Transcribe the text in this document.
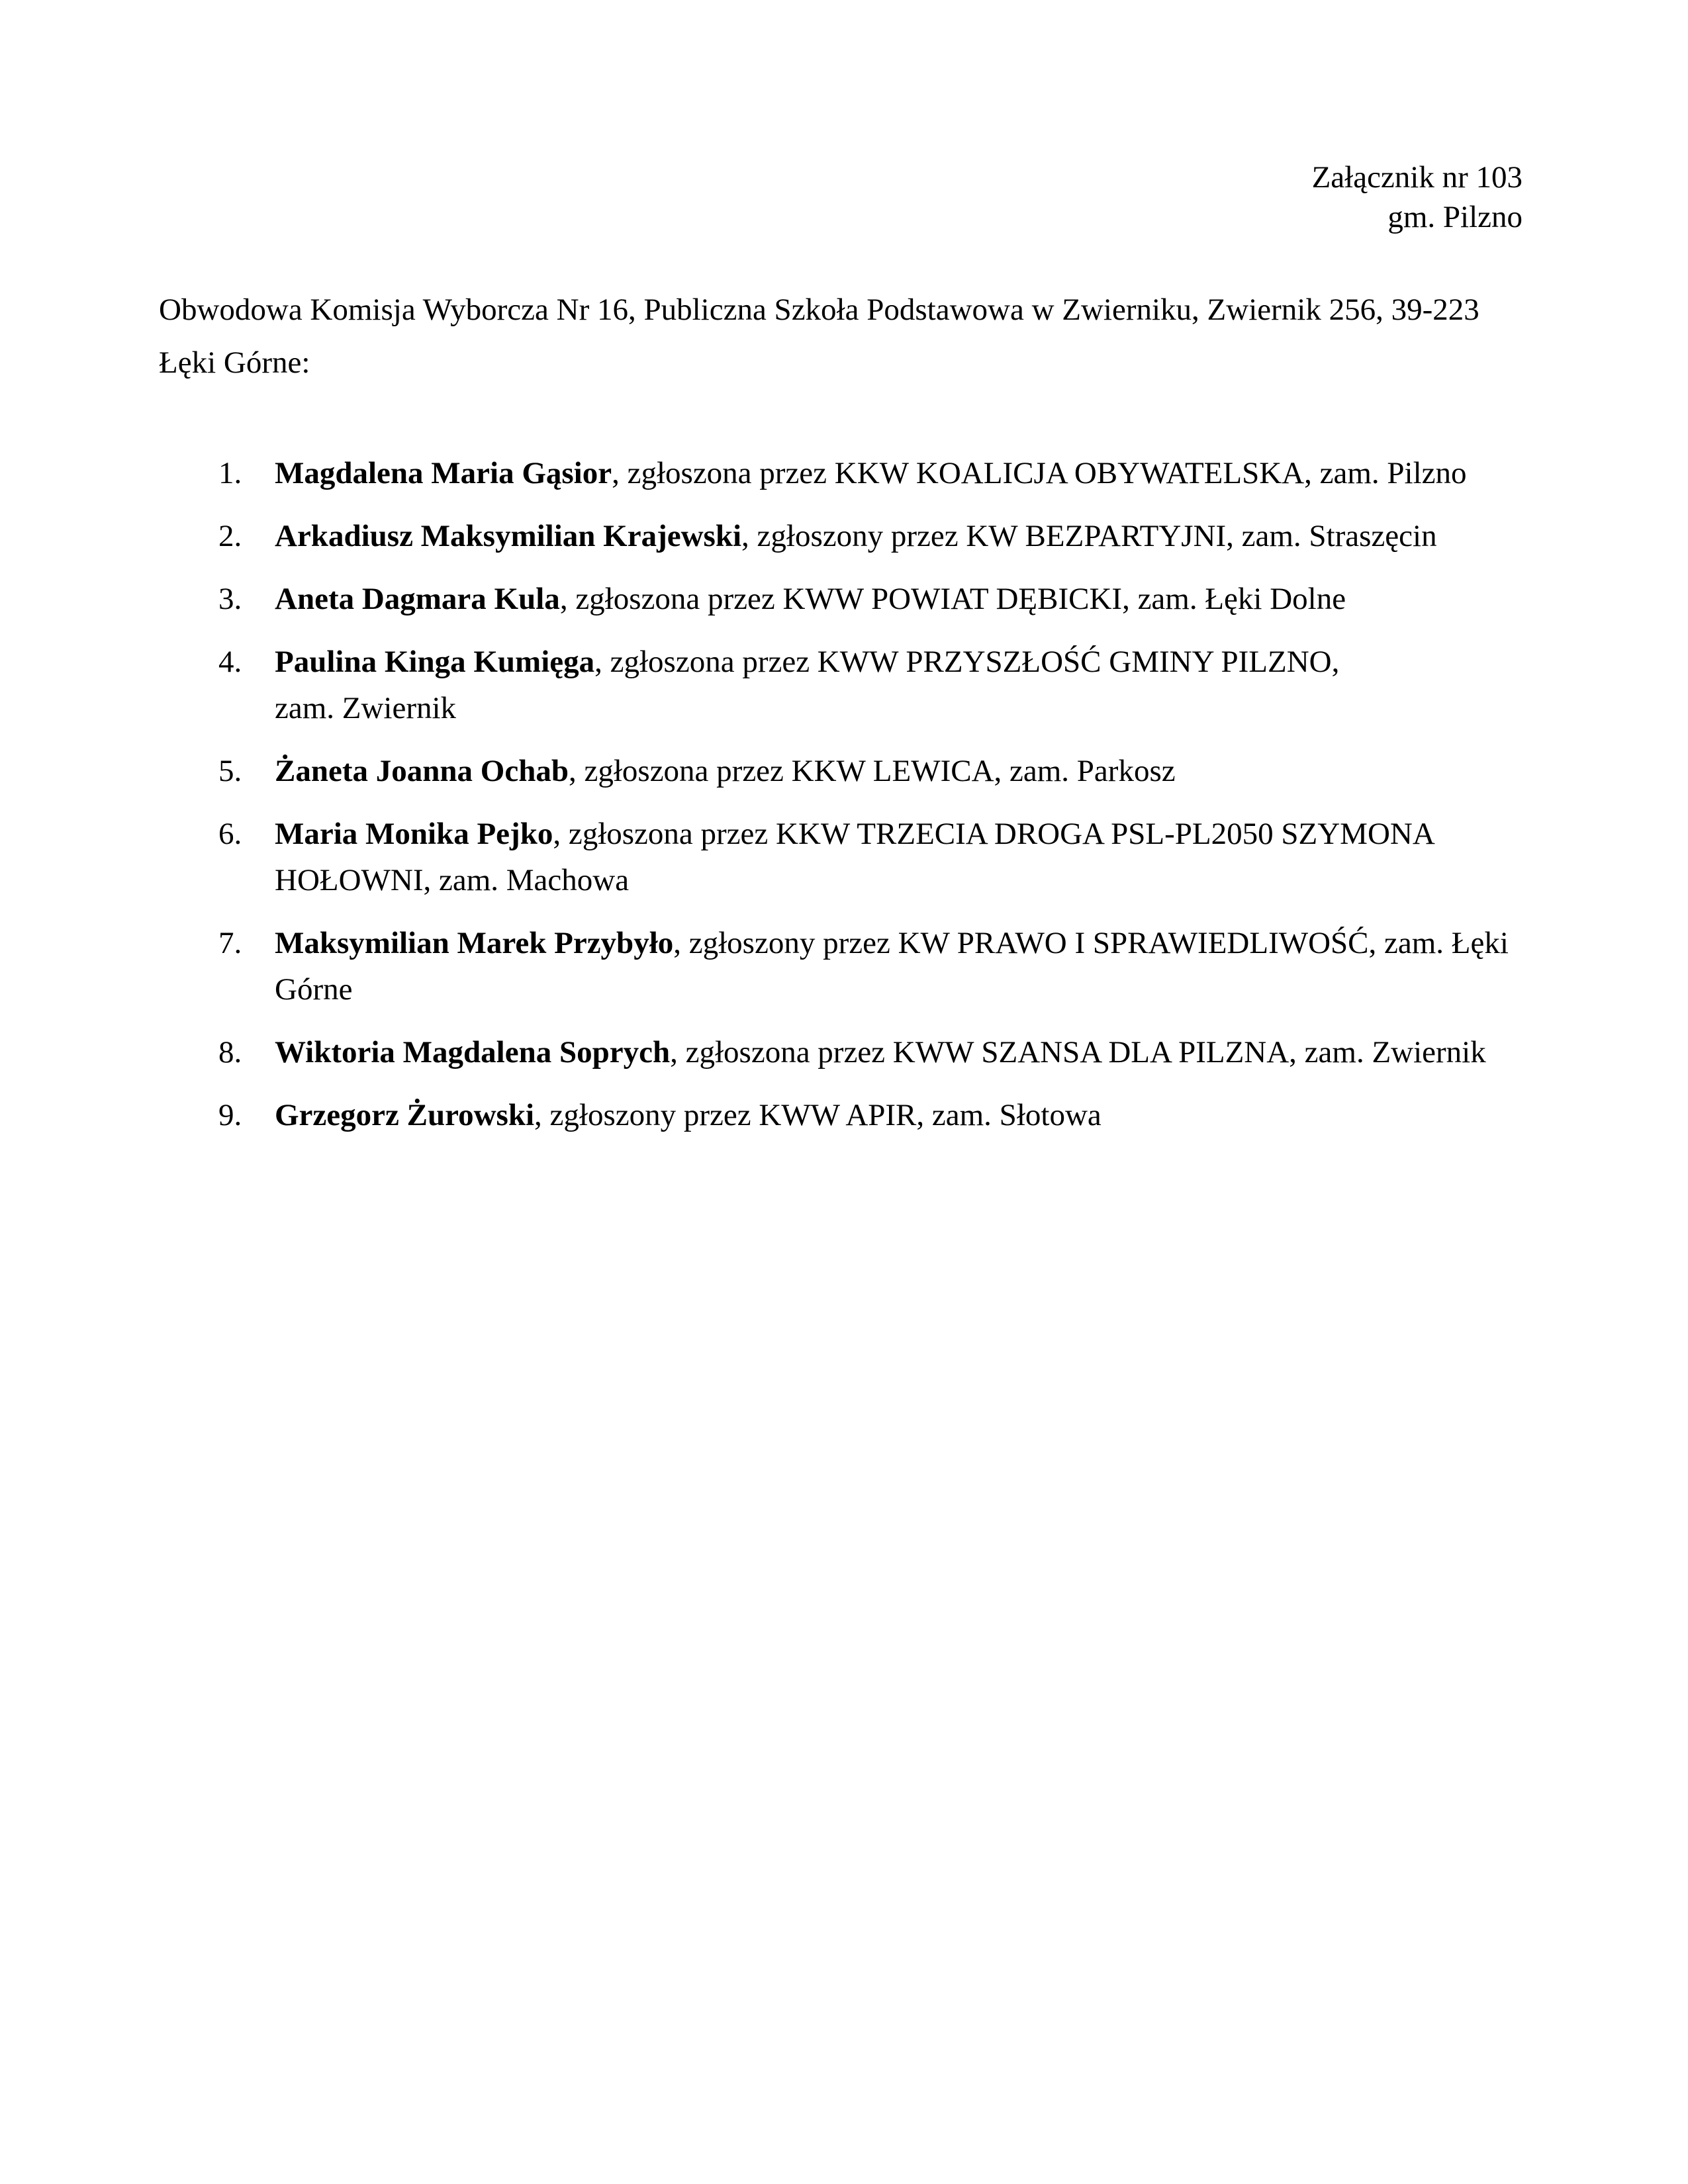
Załącznik nr 103
gm. Pilzno
Obwodowa Komisja Wyborcza Nr 16, Publiczna Szkoła Podstawowa w Zwierniku, Zwiernik 256, 39-223
Łęki Górne:
1.	Magdalena Maria Gąsior, zgłoszona przez KKW KOALICJA OBYWATELSKA, zam. Pilzno
2.	Arkadiusz Maksymilian Krajewski, zgłoszony przez KW BEZPARTYJNI, zam. Straszęcin
3.	Aneta Dagmara Kula, zgłoszona przez KWW POWIAT DĘBICKI, zam. Łęki Dolne
4.	Paulina Kinga Kumięga, zgłoszona przez KWW PRZYSZŁOŚĆ GMINY PILZNO,
zam. Zwiernik
5.	Żaneta Joanna Ochab, zgłoszona przez KKW LEWICA, zam. Parkosz
6.	Maria Monika Pejko, zgłoszona przez KKW TRZECIA DROGA PSL-PL2050 SZYMONA
HOŁOWNI, zam. Machowa
7.	Maksymilian Marek Przybyło, zgłoszony przez KW PRAWO I SPRAWIEDLIWOŚĆ, zam. Łęki
Górne
8.	Wiktoria Magdalena Soprych, zgłoszona przez KWW SZANSA DLA PILZNA, zam. Zwiernik
9.	Grzegorz Żurowski, zgłoszony przez KWW APIR, zam. Słotowa
